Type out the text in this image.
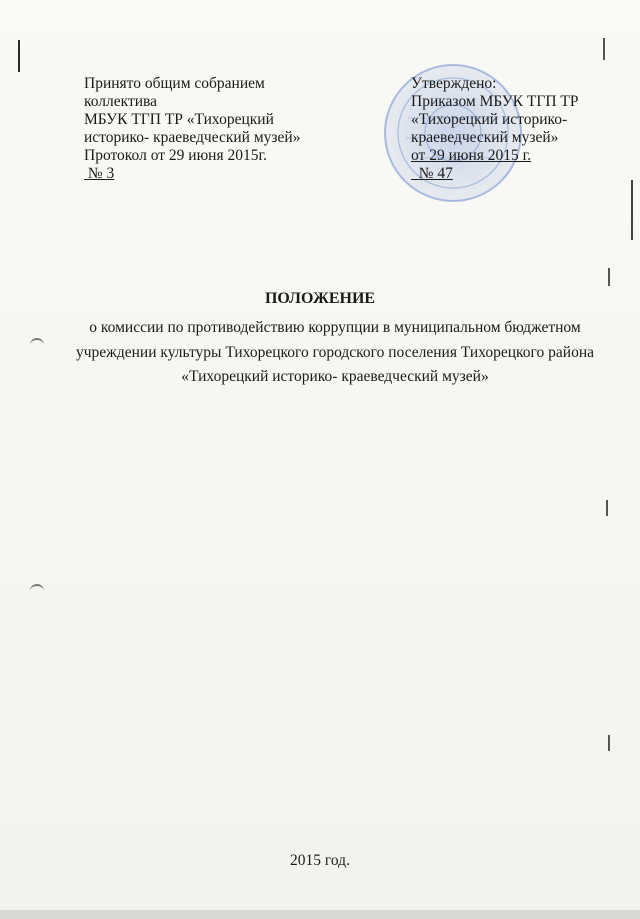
Принято общим собранием
коллектива
МБУК ТГП ТР «Тихорецкий
историко- краеведческий музей»
Протокол от 29 июня 2015г.
№ 3
Утверждено:
Приказом МБУК ТГП ТР
«Тихорецкий историко-
краеведческий музей»
от 29 июня 2015 г.
№ 47
ПОЛОЖЕНИЕ
о комиссии по противодействию коррупции в муниципальном бюджетном учреждении культуры Тихорецкого городского поселения Тихорецкого района «Тихорецкий историко- краеведческий музей»
2015 год.
